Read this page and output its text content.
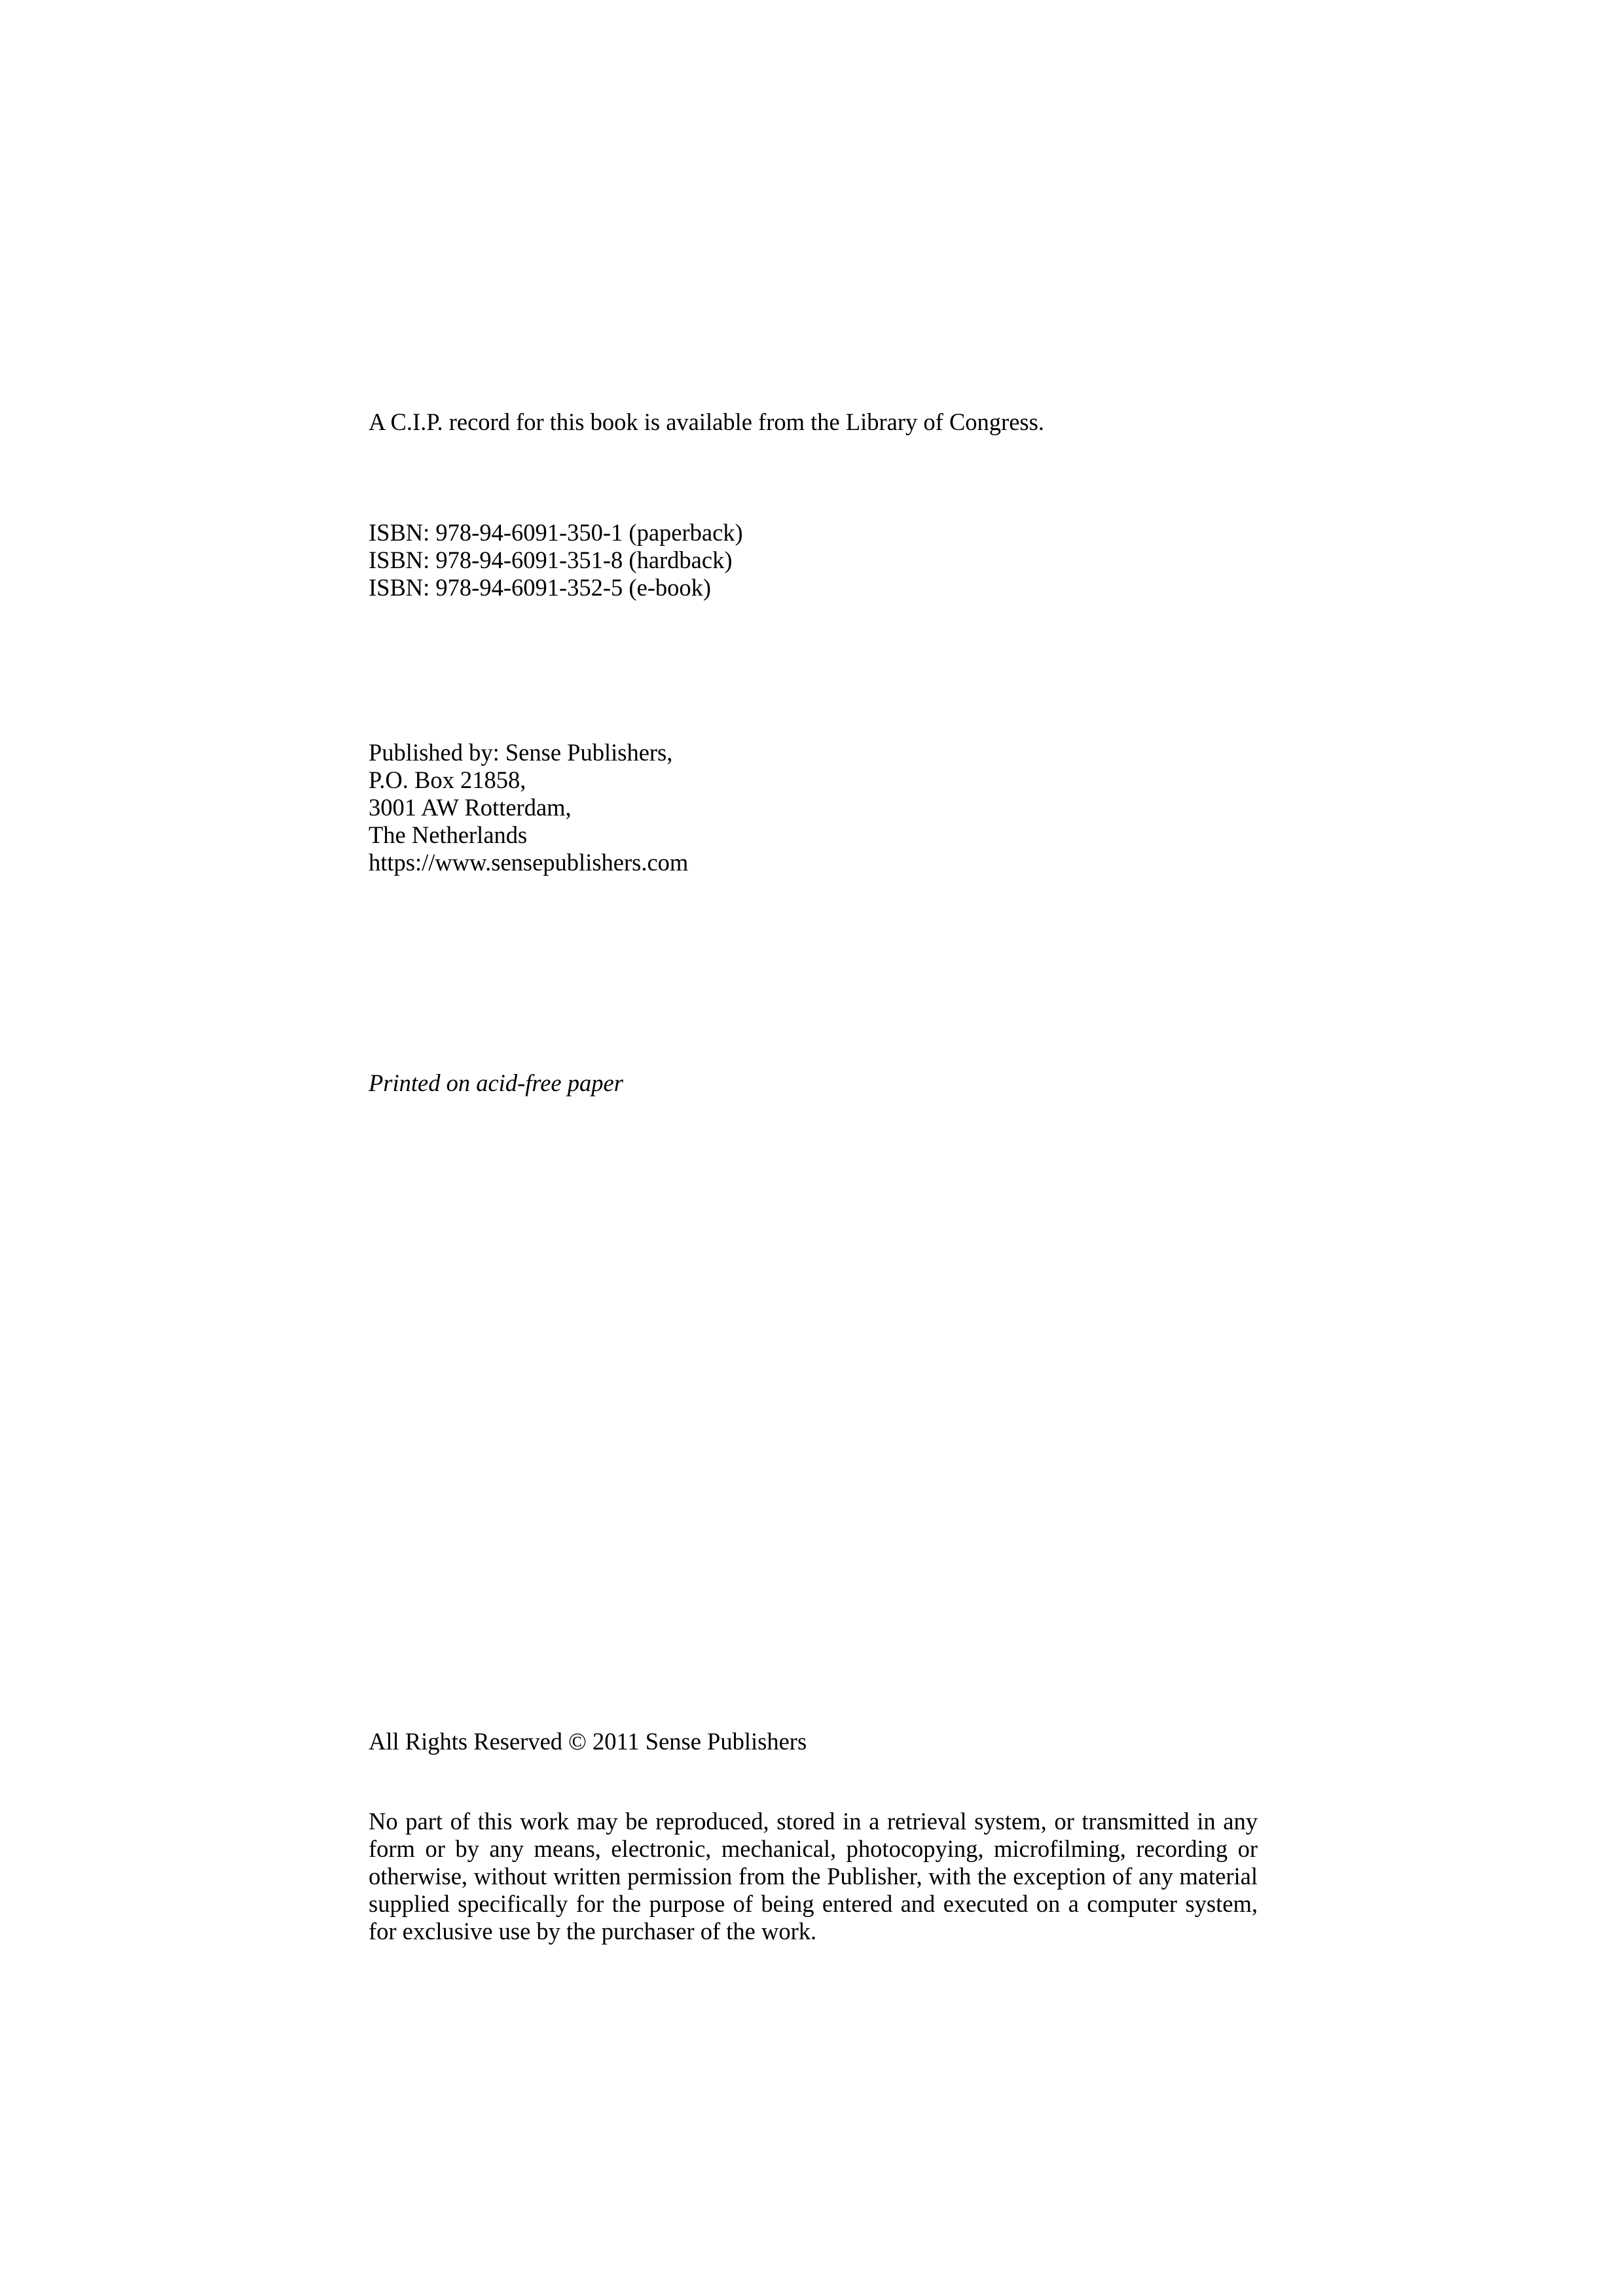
A C.I.P. record for this book is available from the Library of Congress.
ISBN: 978-94-6091-350-1 (paperback)
ISBN: 978-94-6091-351-8 (hardback)
ISBN: 978-94-6091-352-5 (e-book)
Published by: Sense Publishers,
P.O. Box 21858,
3001 AW Rotterdam,
The Netherlands
https://www.sensepublishers.com
Printed on acid-free paper
All Rights Reserved © 2011 Sense Publishers

No part of this work may be reproduced, stored in a retrieval system, or transmitted in any form or by any means, electronic, mechanical, photocopying, microfilming, recording or otherwise, without written permission from the Publisher, with the exception of any material supplied specifically for the purpose of being entered and executed on a computer system, for exclusive use by the purchaser of the work.
